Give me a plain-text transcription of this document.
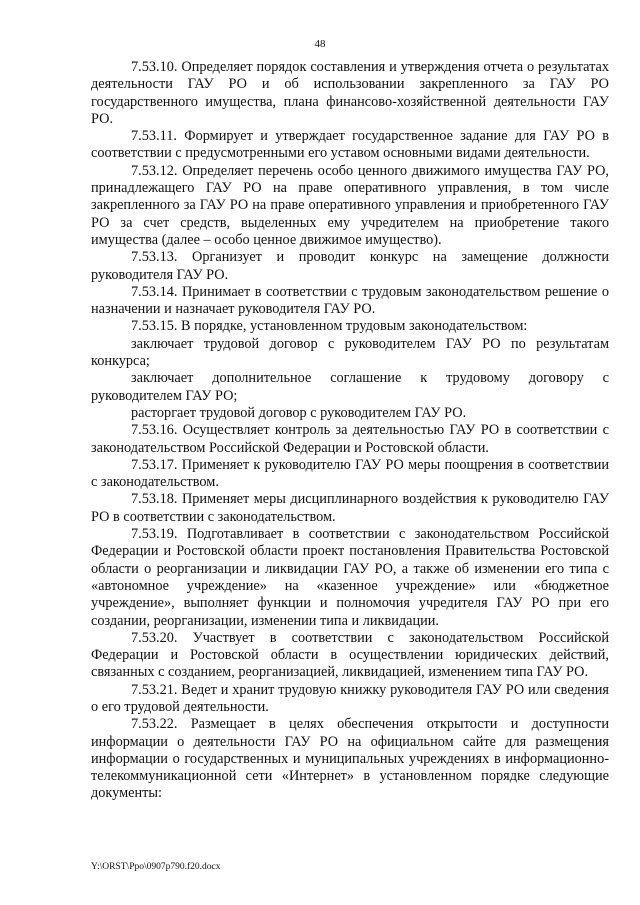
48

7.53.10. Определяет порядок составления и утверждения отчета о результатах деятельности ГАУ РО и об использовании закрепленного за ГАУ РО государственного имущества, плана финансово-хозяйственной деятельности ГАУ РО.

7.53.11. Формирует и утверждает государственное задание для ГАУ РО в соответствии с предусмотренными его уставом основными видами деятельности.

7.53.12. Определяет перечень особо ценного движимого имущества ГАУ РО, принадлежащего ГАУ РО на праве оперативного управления, в том числе закрепленного за ГАУ РО на праве оперативного управления и приобретенного ГАУ РО за счет средств, выделенных ему учредителем на приобретение такого имущества (далее – особо ценное движимое имущество).

7.53.13. Организует и проводит конкурс на замещение должности руководителя ГАУ РО.

7.53.14. Принимает в соответствии с трудовым законодательством решение о назначении и назначает руководителя ГАУ РО.

7.53.15. В порядке, установленном трудовым законодательством:

заключает трудовой договор с руководителем ГАУ РО по результатам конкурса;

заключает дополнительное соглашение к трудовому договору с руководителем ГАУ РО;

расторгает трудовой договор с руководителем ГАУ РО.

7.53.16. Осуществляет контроль за деятельностью ГАУ РО в соответствии с законодательством Российской Федерации и Ростовской области.

7.53.17. Применяет к руководителю ГАУ РО меры поощрения в соответствии с законодательством.

7.53.18. Применяет меры дисциплинарного воздействия к руководителю ГАУ РО в соответствии с законодательством.

7.53.19. Подготавливает в соответствии с законодательством Российской Федерации и Ростовской области проект постановления Правительства Ростовской области о реорганизации и ликвидации ГАУ РО, а также об изменении его типа с «автономное учреждение» на «казенное учреждение» или «бюджетное учреждение», выполняет функции и полномочия учредителя ГАУ РО при его создании, реорганизации, изменении типа и ликвидации.

7.53.20. Участвует в соответствии с законодательством Российской Федерации и Ростовской области в осуществлении юридических действий, связанных с созданием, реорганизацией, ликвидацией, изменением типа ГАУ РО.

7.53.21. Ведет и хранит трудовую книжку руководителя ГАУ РО или сведения о его трудовой деятельности.

7.53.22. Размещает в целях обеспечения открытости и доступности информации о деятельности ГАУ РО на официальном сайте для размещения информации о государственных и муниципальных учреждениях в информационно-телекоммуникационной сети «Интернет» в установленном порядке следующие документы:

Y:\ORST\Ppo\0907p790.f20.docx
